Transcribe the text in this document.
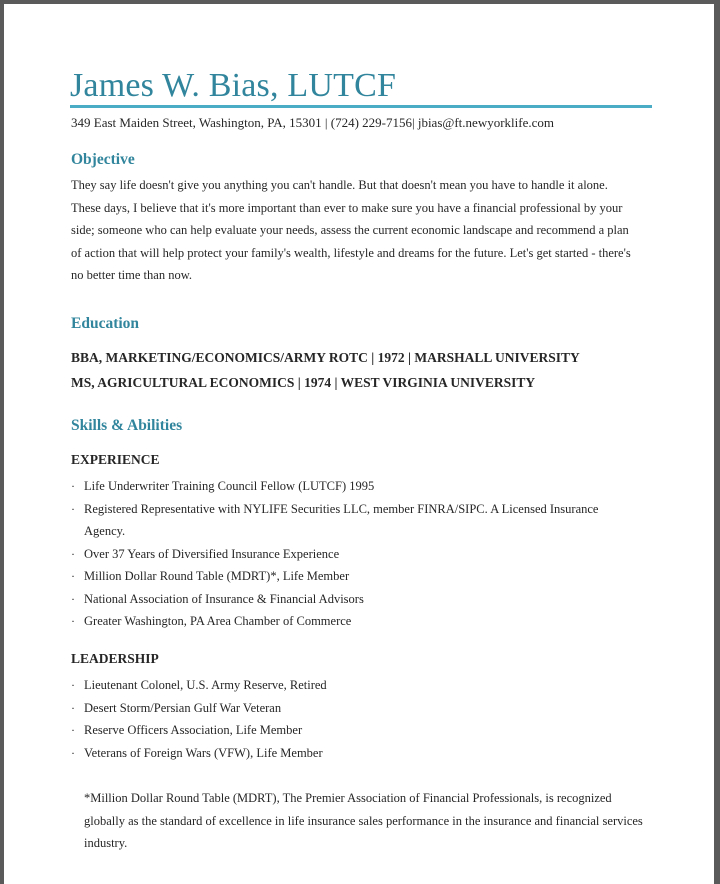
James W. Bias, LUTCF
349 East Maiden Street, Washington, PA, 15301 | (724) 229-7156| jbias@ft.newyorklife.com
Objective

They say life doesn't give you anything you can't handle. But that doesn't mean you have to handle it alone. These days, I believe that it's more important than ever to make sure you have a financial professional by your side; someone who can help evaluate your needs, assess the current economic landscape and recommend a plan of action that will help protect your family's wealth, lifestyle and dreams for the future. Let's get started - there's no better time than now.

Education
BBA, MARKETING/ECONOMICS/ARMY ROTC | 1972 | MARSHALL UNIVERSITY
MS, AGRICULTURAL ECONOMICS | 1974 | WEST VIRGINIA UNIVERSITY
Skills & Abilities
EXPERIENCE
· Life Underwriter Training Council Fellow (LUTCF) 1995
· Registered Representative with NYLIFE Securities LLC, member FINRA/SIPC. A Licensed Insurance Agency.
· Over 37 Years of Diversified Insurance Experience
· Million Dollar Round Table (MDRT)*, Life Member
· National Association of Insurance & Financial Advisors
· Greater Washington, PA Area Chamber of Commerce
LEADERSHIP
· Lieutenant Colonel, U.S. Army Reserve, Retired
· Desert Storm/Persian Gulf War Veteran
· Reserve Officers Association, Life Member
· Veterans of Foreign Wars (VFW), Life Member

*Million Dollar Round Table (MDRT), The Premier Association of Financial Professionals, is recognized globally as the standard of excellence in life insurance sales performance in the insurance and financial services industry.
